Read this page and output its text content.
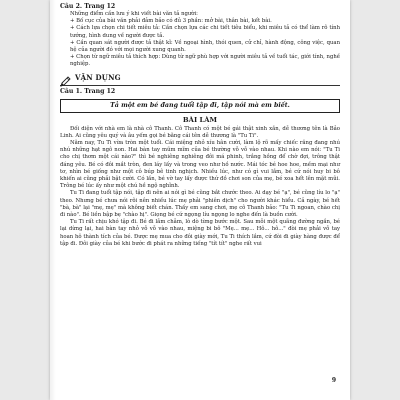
Câu 2. Trang 12

Những điểm cần lưu ý khi viết bài văn tả người:

+ Bố cục của bài văn phải đảm bảo có đủ 3 phần: mở bài, thân bài, kết bài.

+ Cách lựa chọn chi tiết miêu tả: Cần chọn lựa các chi tiết tiêu biểu, khi miêu tả có thể làm rõ tính tướng, hình dung về người được tả.

+ Cần quan sát người được tả thật kĩ: Về ngoại hình, thói quen, cử chỉ, hành động, công việc, quan hệ của người đó với mọi người xung quanh.

+ Chọn từ ngữ miêu tả thích hợp: Dùng từ ngữ phù hợp với người miêu tả về tuổi tác, giới tính, nghề nghiệp.

VẬN DỤNG

Câu 1. Trang 12

Tả một em bé đang tuổi tập đi, tập nói mà em biết.
BÀI LÀM

Đối diện với nhà em là nhà cô Thanh. Cô Thanh có một bé gái thật xinh xắn, dễ thương tên là Bảo Linh. Ai cũng yêu quý và âu yếm gọi bé bằng cái tên dễ thương là "Tu Ti".

Năm nay, Tu Ti vừa tròn một tuổi. Cái miệng nhỏ xíu hân cười, làm lộ rõ mấy chiếc răng đang nhú nhú những hạt ngô non. Hai bàn tay mũm mĩm của bé thường vỗ vỗ vào nhau. Khi nào em nói: "Tu Ti cho chị thơm một cái nào?" thì bé nghiêng nghiêng đôi má phinh, trắng hồng để chờ đợi, trông thật đáng yêu. Bé có đôi mắt tròn, đen láy lấy và trong veo như hồ nước. Mái tóc bé hoe hoe, mềm mại như tơ, nhìn bé giống như một cô búp bê tinh nghịch. Nhiều lúc, như có gì vui lắm, bé cứ nói huy bi bô khiến ai cũng phải bật cười. Có lần, bé vờ tay lấy được thứ đồ chơi son của mẹ, bé xoa hết lên mặt mũi. Trông bé lúc ấy như một chú hề ngộ nghĩnh.

Tu Ti đang tuổi tập nói, tập đi nên ai nói gì bé cũng bắt chước theo. Ai dạy bé "ạ", bé cũng líu lo "ạ" theo. Nhưng bé chưa nói rõi nên nhiều lúc mẹ phải "phiên dịch" cho người khác hiểu. Cả ngày, bé hết "bà, bà" lại "mẹ, mẹ" mà không biết chán. Thấy em sang chơi, mẹ cô Thanh bảo: "Tu Ti ngoan, chào chị đi nào". Bé liền bập bẹ "chào hị". Giọng bé cứ ngọng líu ngọng lo nghe đến là buồn cười.

Tu Ti rất chịu khó tập đi. Bé đi lẫm chẫm, lò dò từng bước một. Sau mỗi một quãng đường ngắn, bé lại dừng lại, hai bàn tay nhỏ vỗ vỗ vào nhau, miệng bi bô "Mẹ... mẹ... Hô... hô..." đòi mẹ phải vỗ tay hoan hô thành tích của bé. Được mẹ mua cho đôi giày mới, Tu Ti thích lắm, cứ đòi đi giày hàng được để tập đi. Đôi giày của bé khi bước đi phát ra những tiếng "tít tít" nghe rất vui

9
